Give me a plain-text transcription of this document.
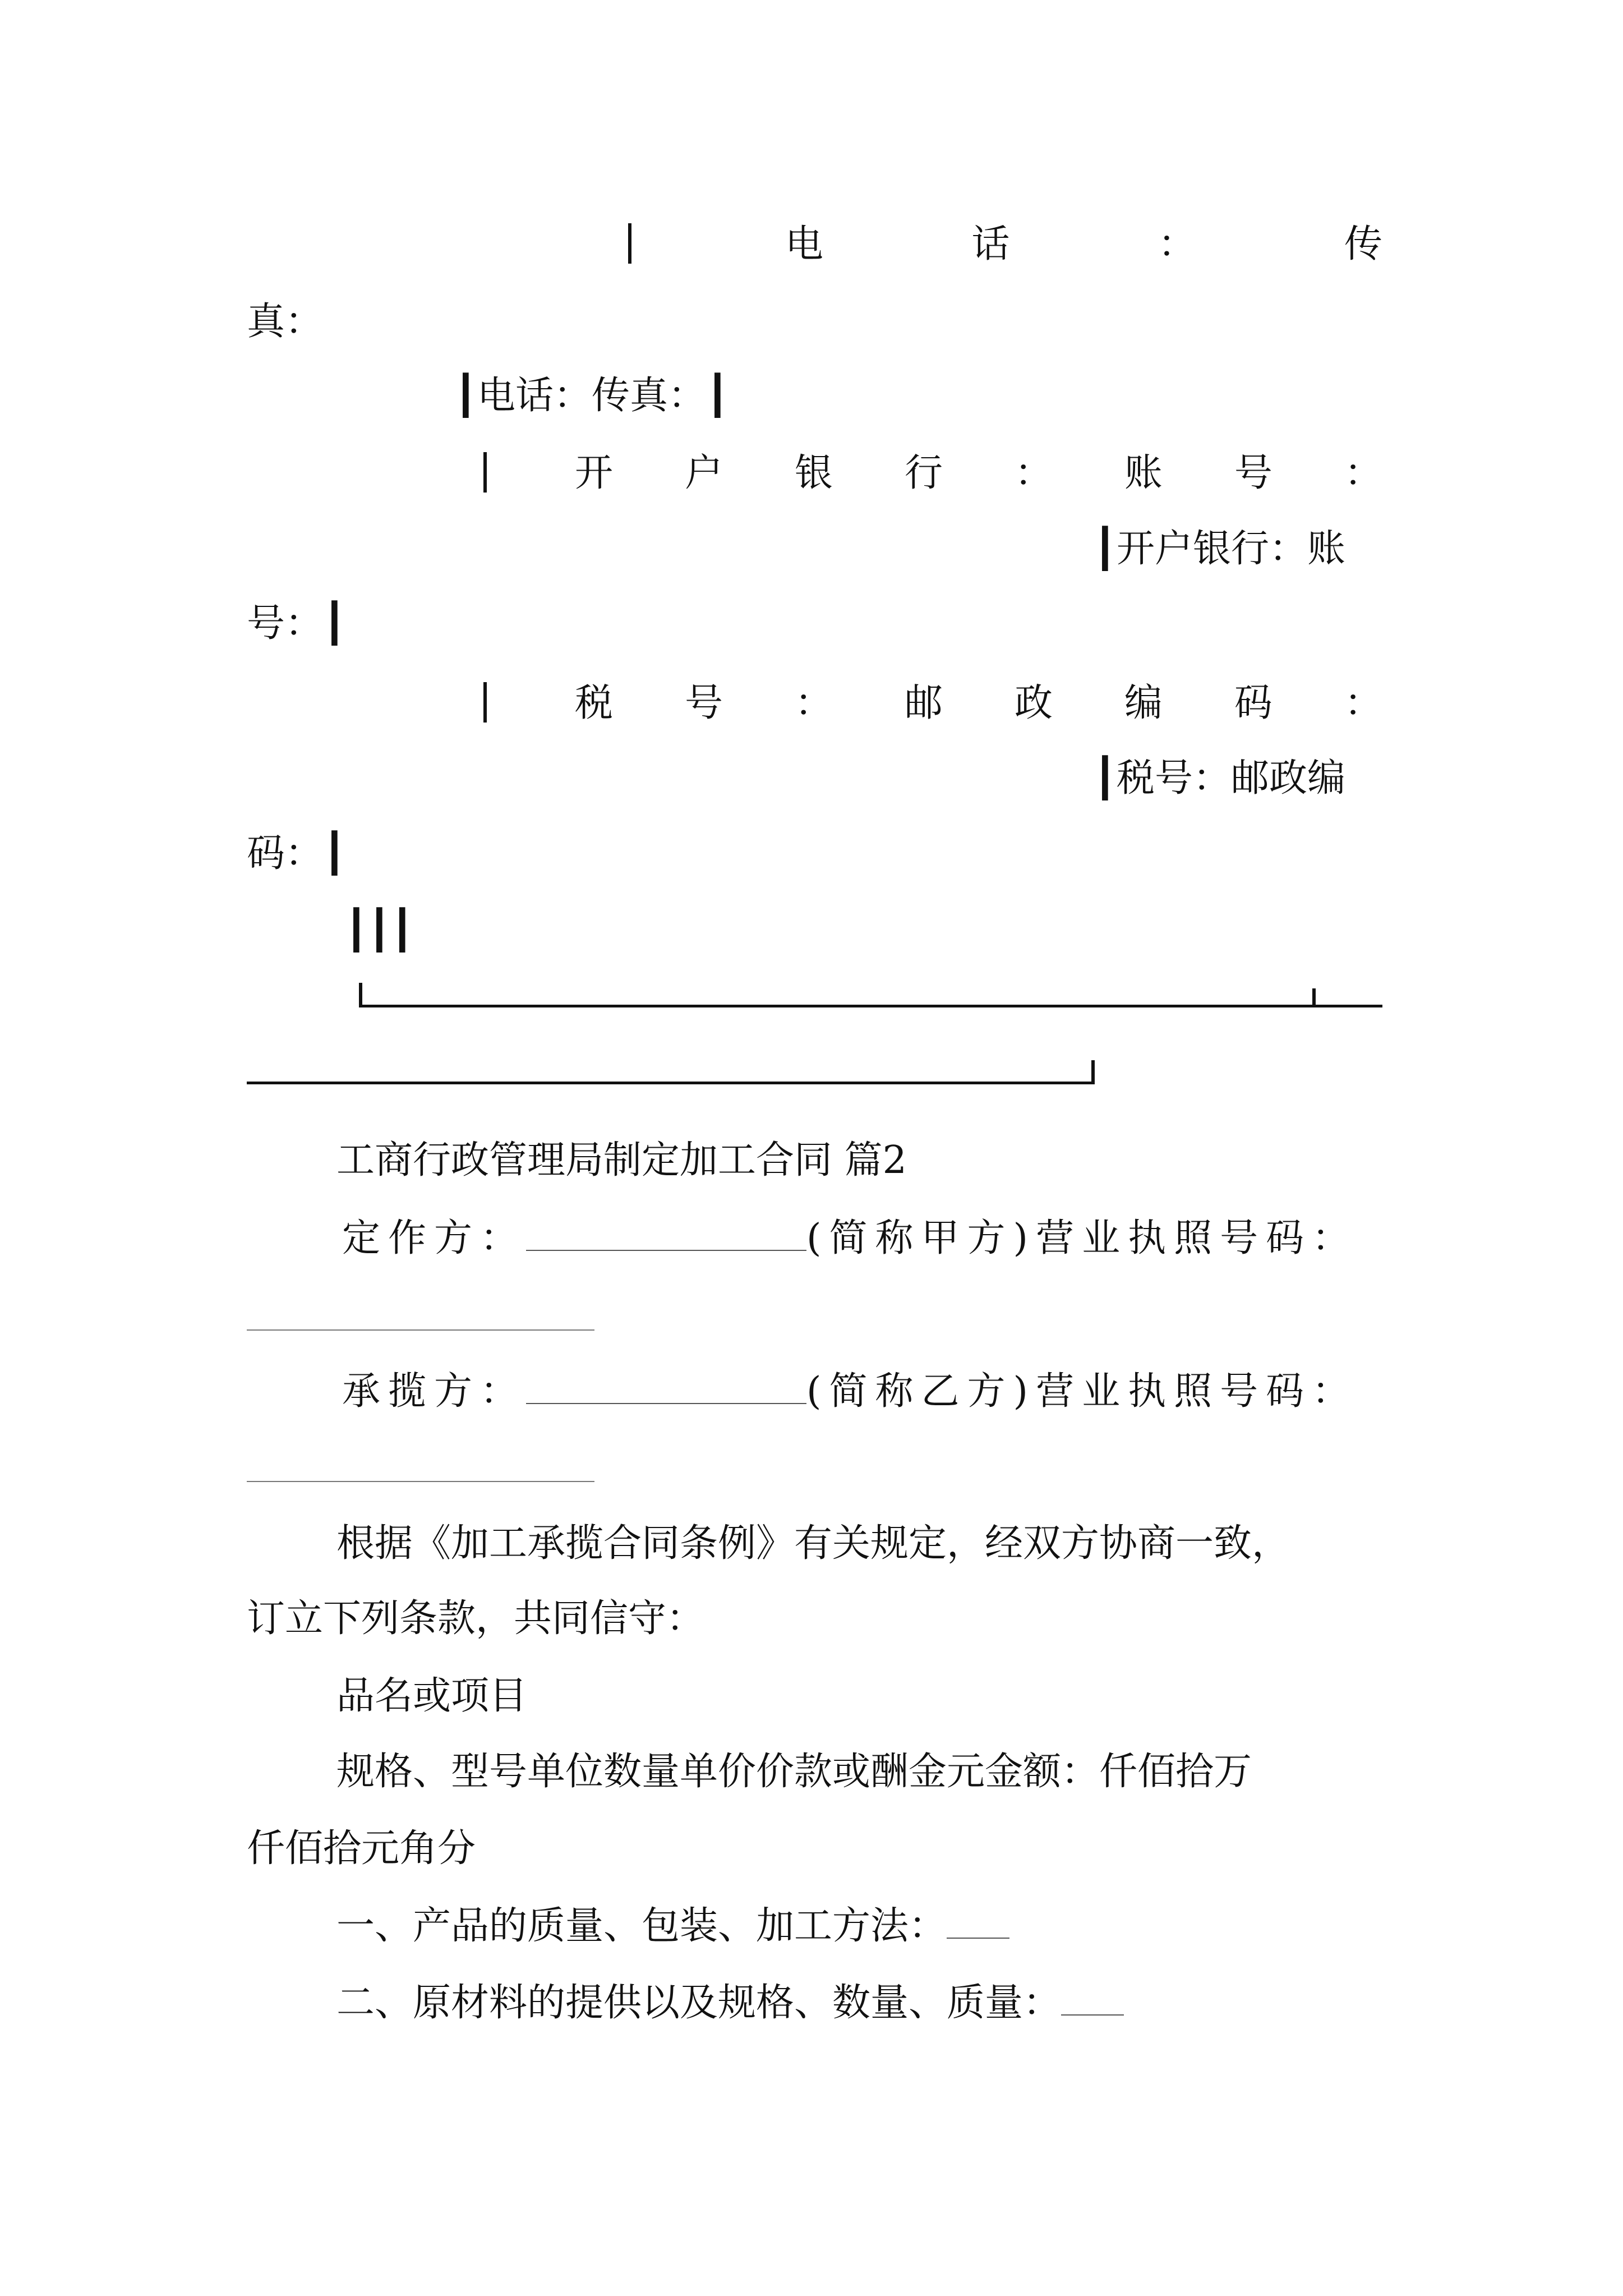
电	话	：	传
真：
┃电话：传真：┃
开 户 银 行 ： 账 号 ：
┃开户银行：账
号：┃
税 号 ： 邮 政 编 码 ：
┃税号：邮政编
码：┃
┃┃┃
工商行政管理局制定加工合同 篇2
定作方：	(简称甲方)营业执照号码：
承揽方：	(简称乙方)营业执照号码：
根据《加工承揽合同条例》有关规定，经双方协商一致，
订立下列条款，共同信守：
品名或项目
规格、型号单位数量单价价款或酬金元金额：仟佰拾万
仟佰拾元角分
一、产品的质量、包装、加工方法：
二、原材料的提供以及规格、数量、质量：
